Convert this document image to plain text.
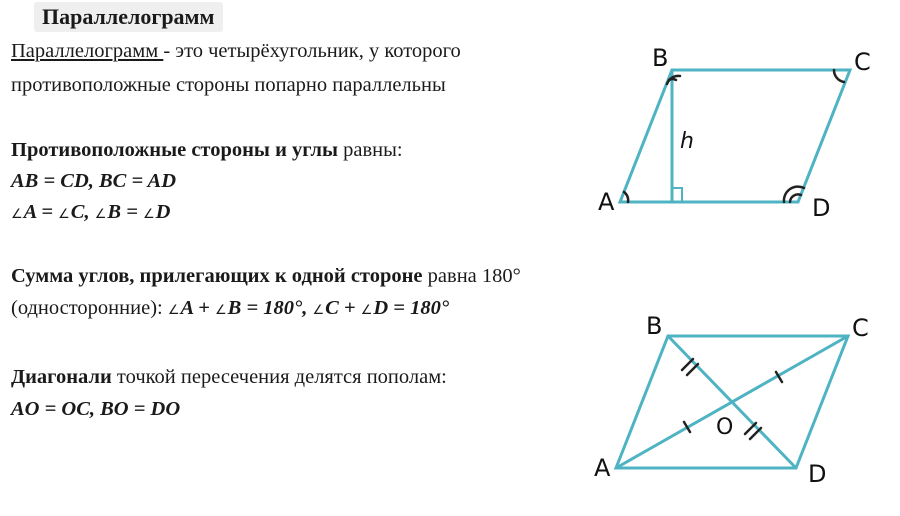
Параллелограмм
Параллелограмм - это четырёхугольник, у которого
противоположные стороны попарно параллельны
Противоположные стороны и углы равны:
AB = CD, BC = AD
∠A = ∠C, ∠B = ∠D
Сумма углов, прилегающих к одной стороне равна 180°
(односторонние): ∠A + ∠B = 180°, ∠C + ∠D = 180°
Диагонали точкой пересечения делятся пополам:
AO = OC, BO = DO
A
B	C
D
h
O
A
B	C
D
